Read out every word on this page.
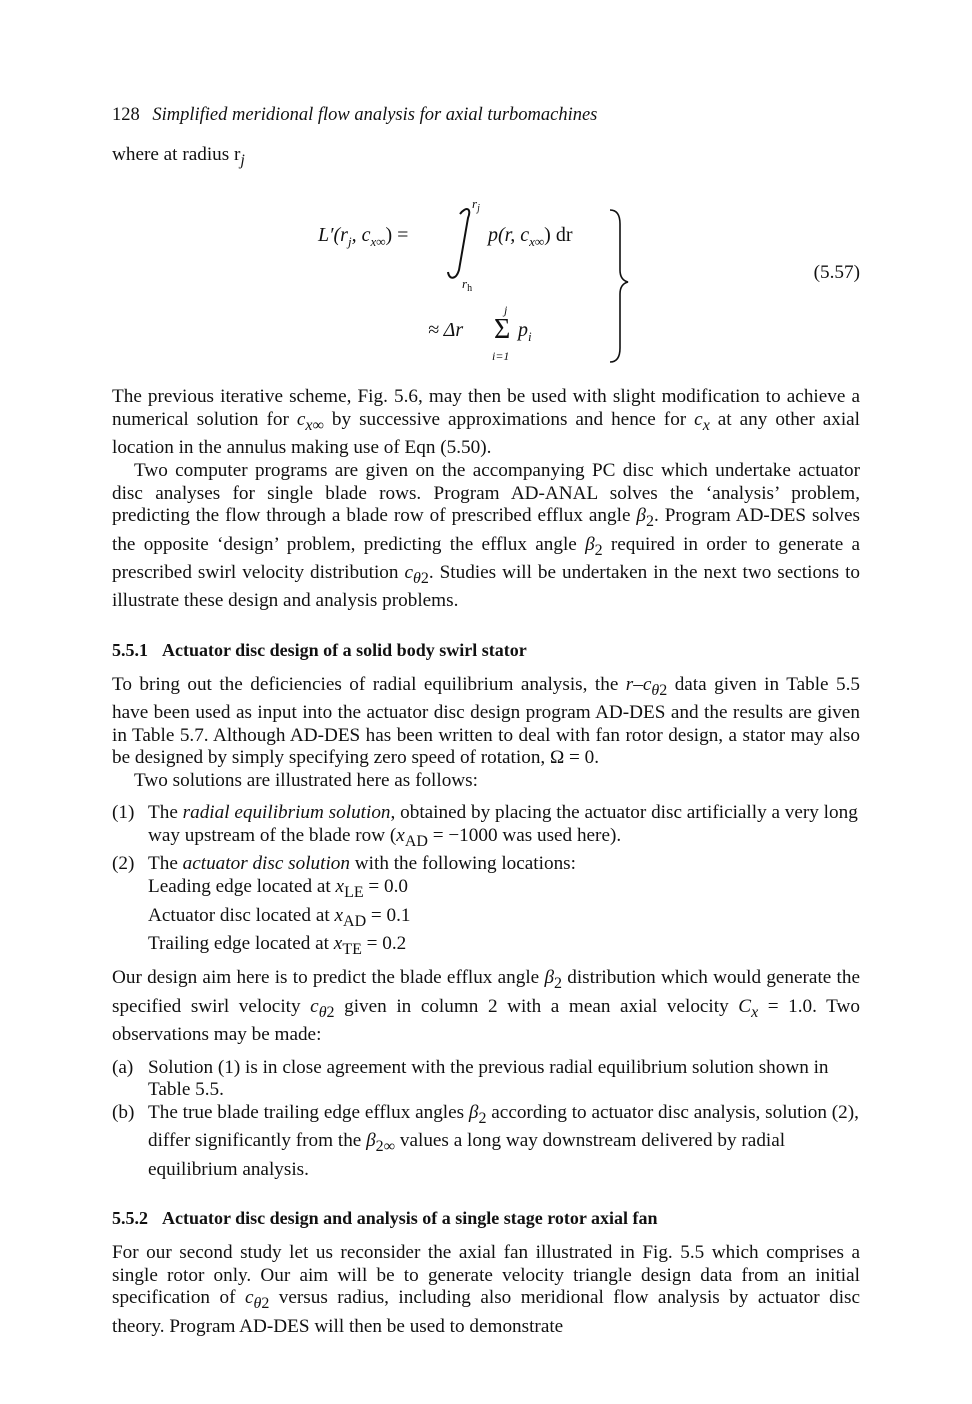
128 Simplified meridional flow analysis for axial turbomachines

where at radius $r_j$

$L'(r_j$, $c_{x\infty}$) =
$r_j$
$r_h$
p(r, $c_{x\infty}$) dr
≈ Δr
j
Σ
i=1
$p_i$
(5.57)

The previous iterative scheme, Fig. 5.6, may then be used with slight modification to achieve a numerical solution for $c_{x\infty}$ by successive approximations and hence for $c_x$ at any other axial location in the annulus making use of Eqn (5.50).

Two computer programs are given on the accompanying PC disc which undertake actuator disc analyses for single blade rows. Program AD-ANAL solves the ‘analysis’ problem, predicting the flow through a blade row of prescribed efflux angle $\beta_2$. Program AD-DES solves the opposite ‘design’ problem, predicting the efflux angle $\beta_2$ required in order to generate a prescribed swirl velocity distribution $c_{\theta 2}$. Studies will be undertaken in the next two sections to illustrate these design and analysis problems.

5.5.1 Actuator disc design of a solid body swirl stator

To bring out the deficiencies of radial equilibrium analysis, the $r-c_{\theta 2}$ data given in Table 5.5 have been used as input into the actuator disc design program AD-DES and the results are given in Table 5.7. Although AD-DES has been written to deal with fan rotor design, a stator may also be designed by simply specifying zero speed of rotation, Ω = 0.

Two solutions are illustrated here as follows:

(1) The radial equilibrium solution, obtained by placing the actuator disc artificially a very long way upstream of the blade row ($x_{AD} = -1000$ was used here).
(2) The actuator disc solution with the following locations:
Leading edge located at $x_{LE} = 0.0$
Actuator disc located at $x_{AD} = 0.1$
Trailing edge located at $x_{TE} = 0.2$

Our design aim here is to predict the blade efflux angle $\beta_2$ distribution which would generate the specified swirl velocity $c_{\theta 2}$ given in column 2 with a mean axial velocity $C_x = 1.0$. Two observations may be made:

(a) Solution (1) is in close agreement with the previous radial equilibrium solution shown in Table 5.5.
(b) The true blade trailing edge efflux angles $\beta_2$ according to actuator disc analysis, solution (2), differ significantly from the $\beta_{2\infty}$ values a long way downstream delivered by radial equilibrium analysis.
5.5.2 Actuator disc design and analysis of a single stage rotor axial fan

For our second study let us reconsider the axial fan illustrated in Fig. 5.5 which comprises a single rotor only. Our aim will be to generate velocity triangle design data from an initial specification of $c_{\theta 2}$ versus radius, including also meridional flow analysis by actuator disc theory. Program AD-DES will then be used to demonstrate
